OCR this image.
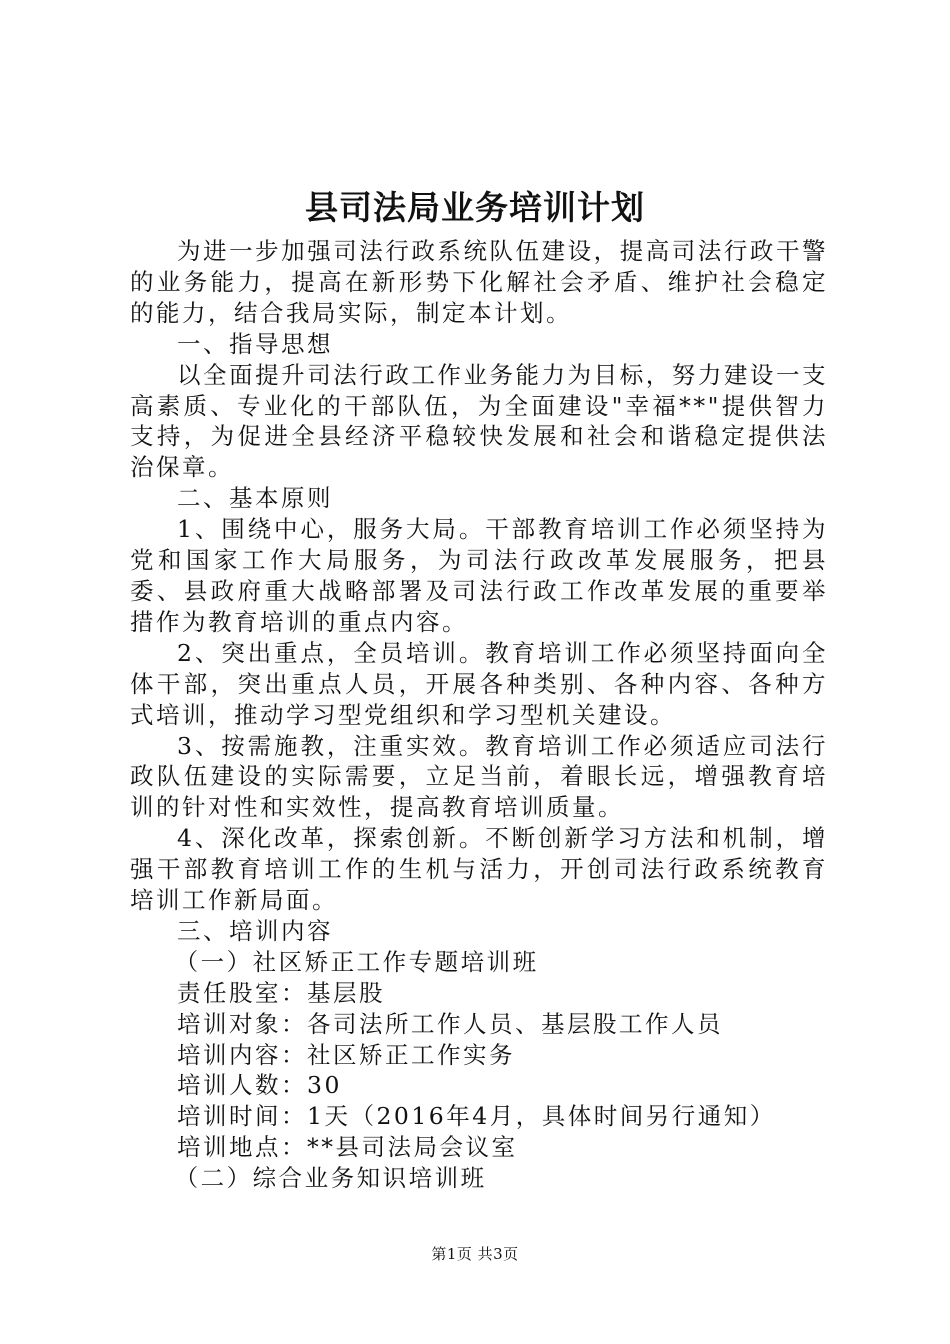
县司法局业务培训计划

为进一步加强司法行政系统队伍建设，提高司法行政干警的业务能力，提高在新形势下化解社会矛盾、维护社会稳定的能力，结合我局实际，制定本计划。

一、指导思想

以全面提升司法行政工作业务能力为目标，努力建设一支高素质、专业化的干部队伍，为全面建设"幸福**"提供智力支持，为促进全县经济平稳较快发展和社会和谐稳定提供法治保章。

二、基本原则

1、围绕中心，服务大局。干部教育培训工作必须坚持为党和国家工作大局服务，为司法行政改革发展服务，把县委、县政府重大战略部署及司法行政工作改革发展的重要举措作为教育培训的重点内容。

2、突出重点，全员培训。教育培训工作必须坚持面向全体干部，突出重点人员，开展各种类别、各种内容、各种方式培训，推动学习型党组织和学习型机关建设。

3、按需施教，注重实效。教育培训工作必须适应司法行政队伍建设的实际需要，立足当前，着眼长远，增强教育培训的针对性和实效性，提高教育培训质量。

4、深化改革，探索创新。不断创新学习方法和机制，增强干部教育培训工作的生机与活力，开创司法行政系统教育培训工作新局面。

三、培训内容

（一）社区矫正工作专题培训班

责任股室：基层股

培训对象：各司法所工作人员、基层股工作人员

培训内容：社区矫正工作实务

培训人数：30

培训时间：1天（2016年4月，具体时间另行通知）

培训地点：**县司法局会议室

（二）综合业务知识培训班

第1页 共3页
